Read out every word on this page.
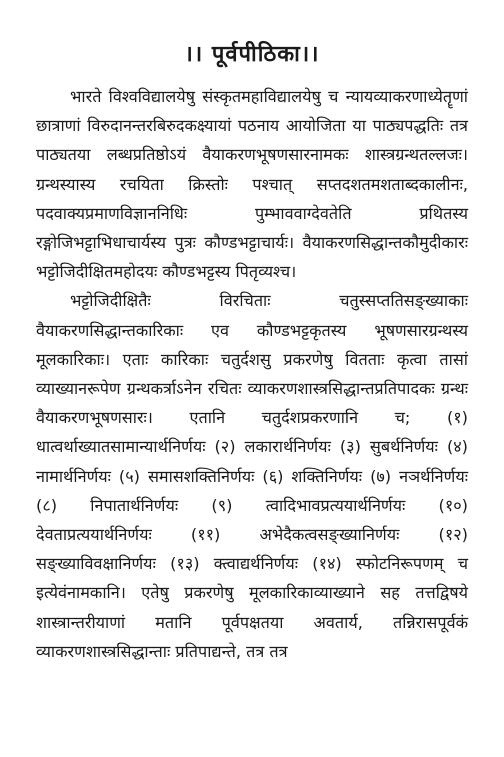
।। पूर्वपीठिका।।

भारते विश्वविद्यालयेषु संस्कृतमहाविद्यालयेषु च न्यायव्याकरणाध्येतॄणां छात्राणां विरुदानन्तरबिरुदकक्ष्यायां पठनाय आयोजिता या पाठ्यपद्धतिः तत्र पाठ्यतया लब्धप्रतिष्ठोऽयं वैयाकरणभूषणसारनामकः शास्त्रग्रन्थतल्लजः। ग्रन्थस्यास्य रचयिता क्रिस्तोः पश्चात् सप्तदशतमशताब्दकालीनः, पदवाक्यप्रमाणविज्ञाननिधिः पुम्भाववाग्देवतेति प्रथितस्य रङ्गोजिभट्टाभिधाचार्यस्य पुत्रः कौण्डभट्टाचार्यः। वैयाकरणसिद्धान्तकौमुदीकारः भट्टोजिदीक्षितमहोदयः कौण्डभट्टस्य पितृव्यश्च।

भट्टोजिदीक्षितैः विरचिताः चतुस्सप्ततिसङ्ख्याकाः वैयाकरणसिद्धान्तकारिकाः एव कौण्डभट्टकृतस्य भूषणसारग्रन्थस्य मूलकारिकाः। एताः कारिकाः चतुर्दशसु प्रकरणेषु वितताः कृत्वा तासां व्याख्यानरूपेण ग्रन्थकर्त्राऽनेन रचितः व्याकरणशास्त्रसिद्धान्तप्रतिपादकः ग्रन्थः वैयाकरणभूषणसारः। एतानि चतुर्दशप्रकरणानि च; (१) धात्वर्थाख्यातसामान्यार्थनिर्णयः (२) लकारार्थनिर्णयः (३) सुबर्थनिर्णयः (४) नामार्थनिर्णयः (५) समासशक्तिनिर्णयः (६) शक्तिनिर्णयः (७) नञर्थनिर्णयः (८) निपातार्थनिर्णयः (९) त्वादिभावप्रत्ययार्थनिर्णयः (१०) देवताप्रत्ययार्थनिर्णयः (११) अभेदैकत्वसङ्ख्यानिर्णयः (१२) सङ्ख्याविवक्षानिर्णयः (१३) क्त्वाद्यर्थनिर्णयः (१४) स्फोटनिरूपणम् च इत्येवंनामकानि। एतेषु प्रकरणेषु मूलकारिकाव्याख्याने सह तत्तद्विषये शास्त्रान्तरीयाणां मतानि पूर्वपक्षतया अवतार्य, तन्निरासपूर्वकं व्याकरणशास्त्रसिद्धान्ताः प्रतिपाद्यन्ते, तत्र तत्र
